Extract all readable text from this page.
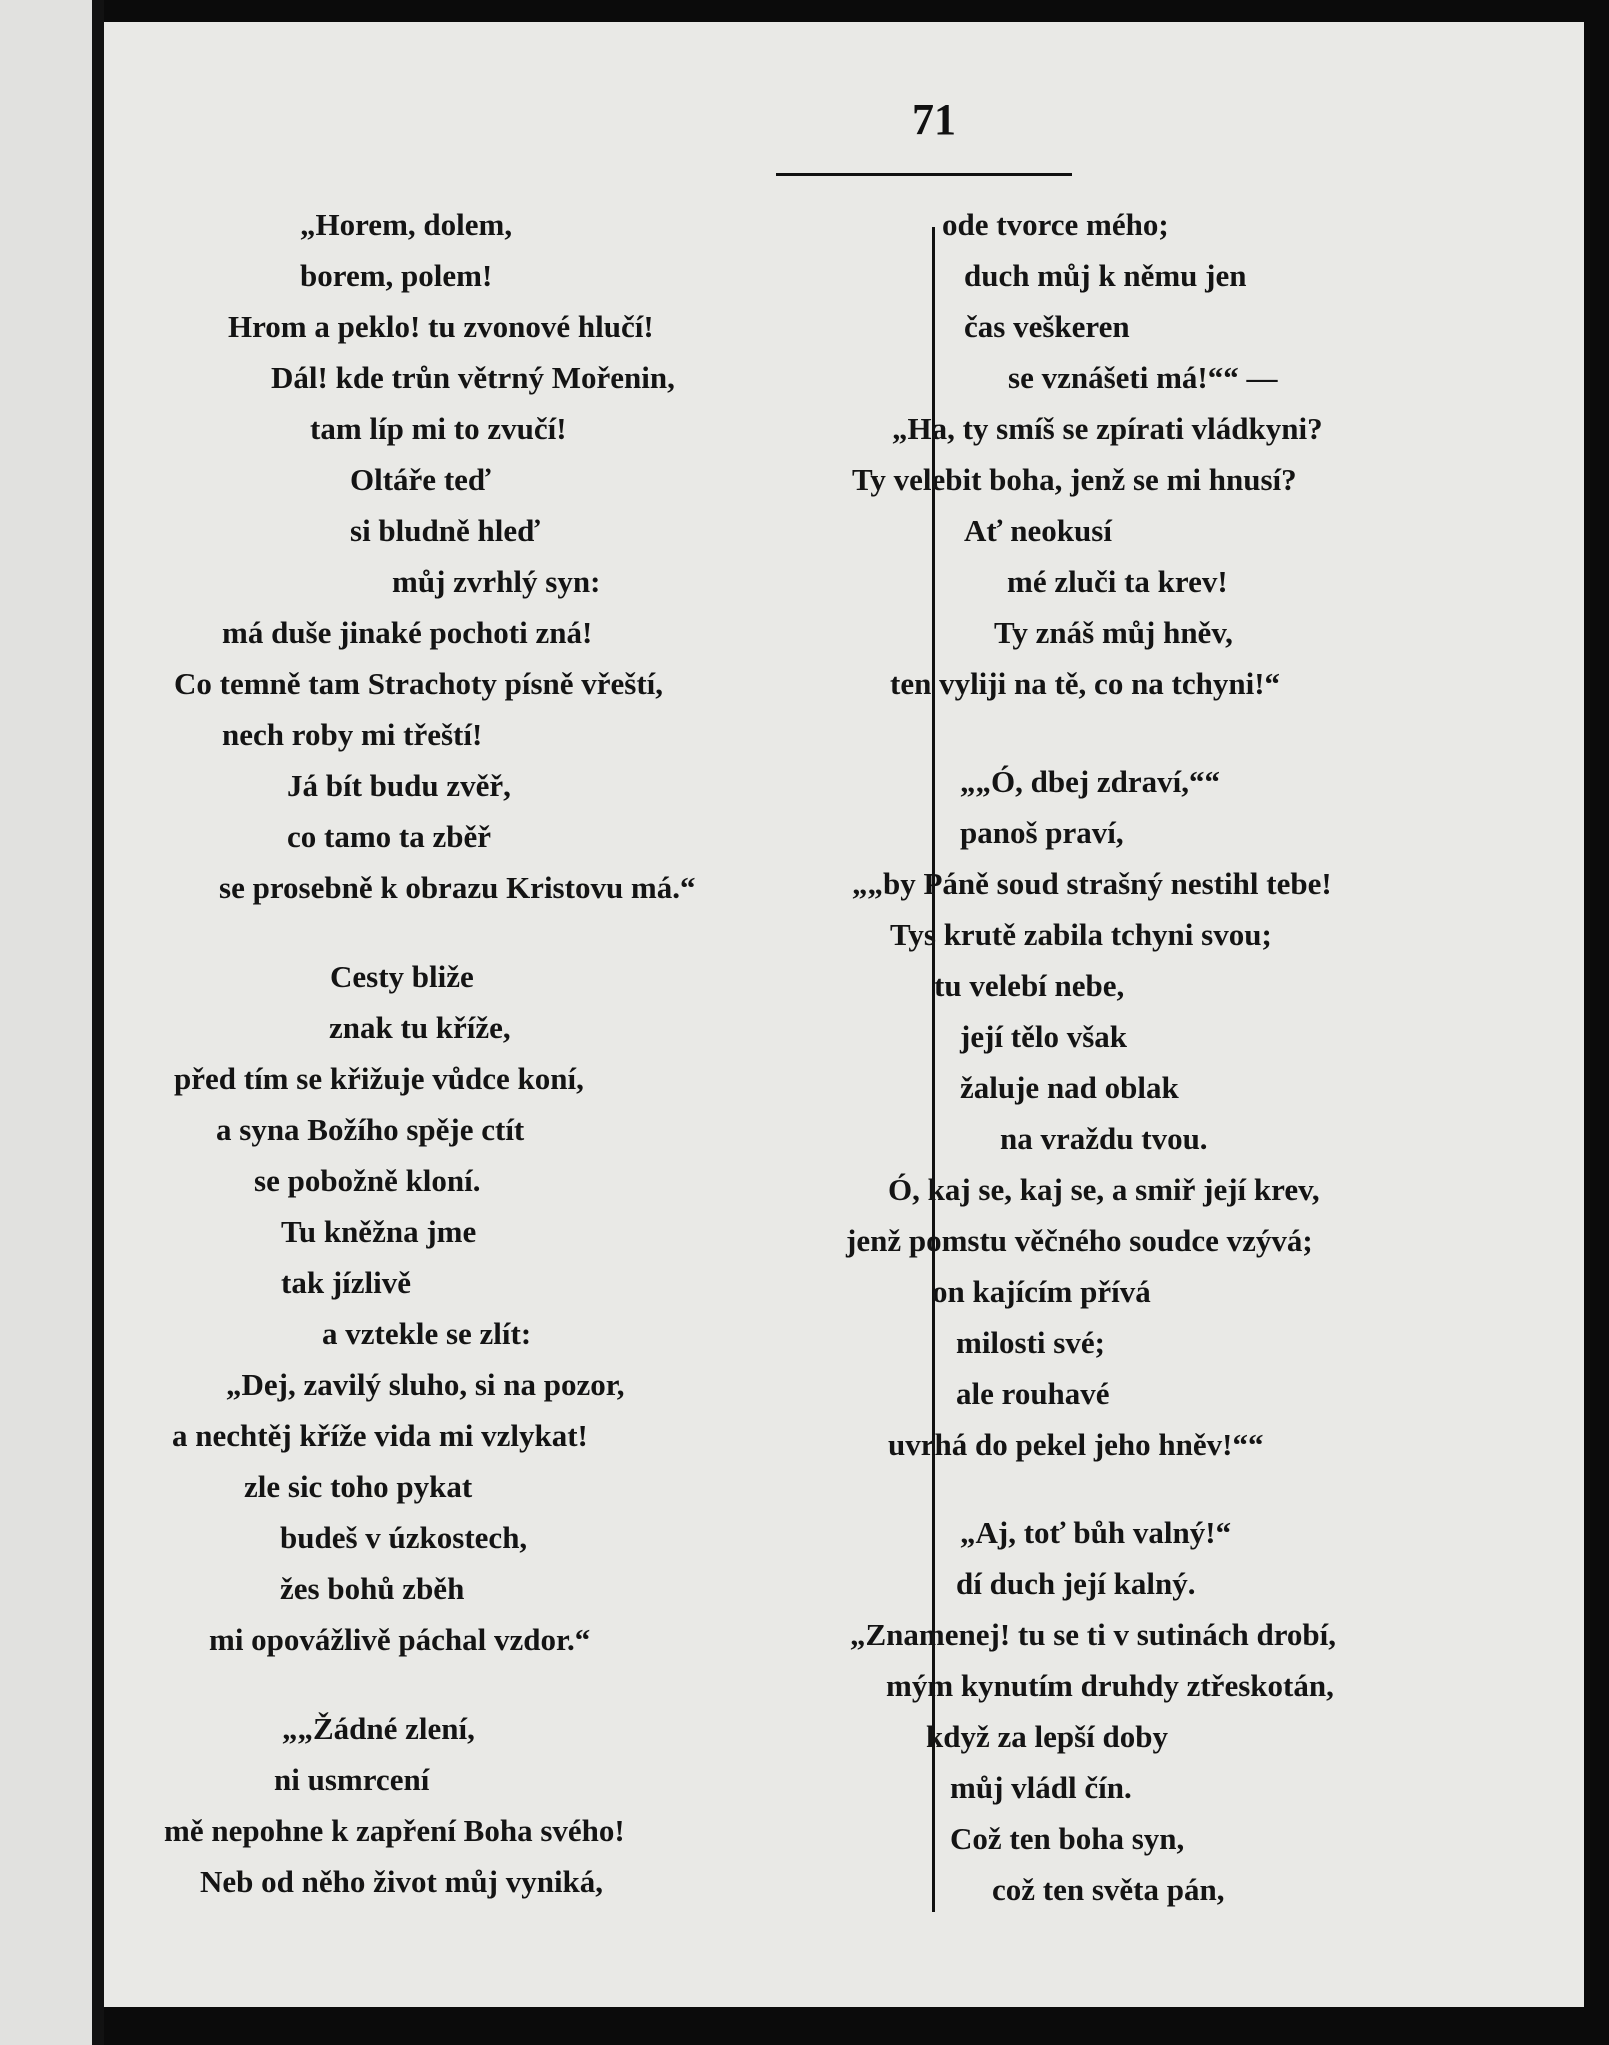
71
„Horem, dolem,
borem, polem!
Hrom a peklo! tu zvonové hlučí!
Dál! kde trůn větrný Mořenin,
tam líp mi to zvučí!
Oltáře teď
si bludně hleď
můj zvrhlý syn:
má duše jinaké pochoti zná!
Co temně tam Strachoty písně vřeští,
nech roby mi třeští!
Já bít budu zvěř,
co tamo ta zběř
se prosebně k obrazu Kristovu má.“
Cesty bliže
znak tu kříže,
před tím se křižuje vůdce koní,
a syna Božího spěje ctít
se pobožně kloní.
Tu kněžna jme
tak jízlivě
a vztekle se zlít:
„Dej, zavilý sluho, si na pozor,
a nechtěj kříže vida mi vzlykat!
zle sic toho pykat
budeš v úzkostech,
žes bohů zběh
mi opovážlivě páchal vzdor.“
„„Žádné zlení,
ni usmrcení
mě nepohne k zapření Boha svého!
Neb od něho život můj vyniká,
ode tvorce mého;
duch můj k němu jen
čas veškeren
se vznášeti má!““ —
„Ha, ty smíš se zpírati vládkyni?
Ty velebit boha, jenž se mi hnusí?
Ať neokusí
mé zluči ta krev!
Ty znáš můj hněv,
ten vyliji na tě, co na tchyni!“
„„Ó, dbej zdraví,““
panoš praví,
„„by Páně soud strašný nestihl tebe!
Tys krutě zabila tchyni svou;
tu velebí nebe,
její tělo však
žaluje nad oblak
na vraždu tvou.
Ó, kaj se, kaj se, a smiř její krev,
jenž pomstu věčného soudce vzývá;
on kajícím přívá
milosti své;
ale rouhavé
uvrhá do pekel jeho hněv!““
„Aj, toť bůh valný!“
dí duch její kalný.
„Znamenej! tu se ti v sutinách drobí,
mým kynutím druhdy ztřeskotán,
když za lepší doby
můj vládl čín.
Což ten boha syn,
což ten světa pán,
